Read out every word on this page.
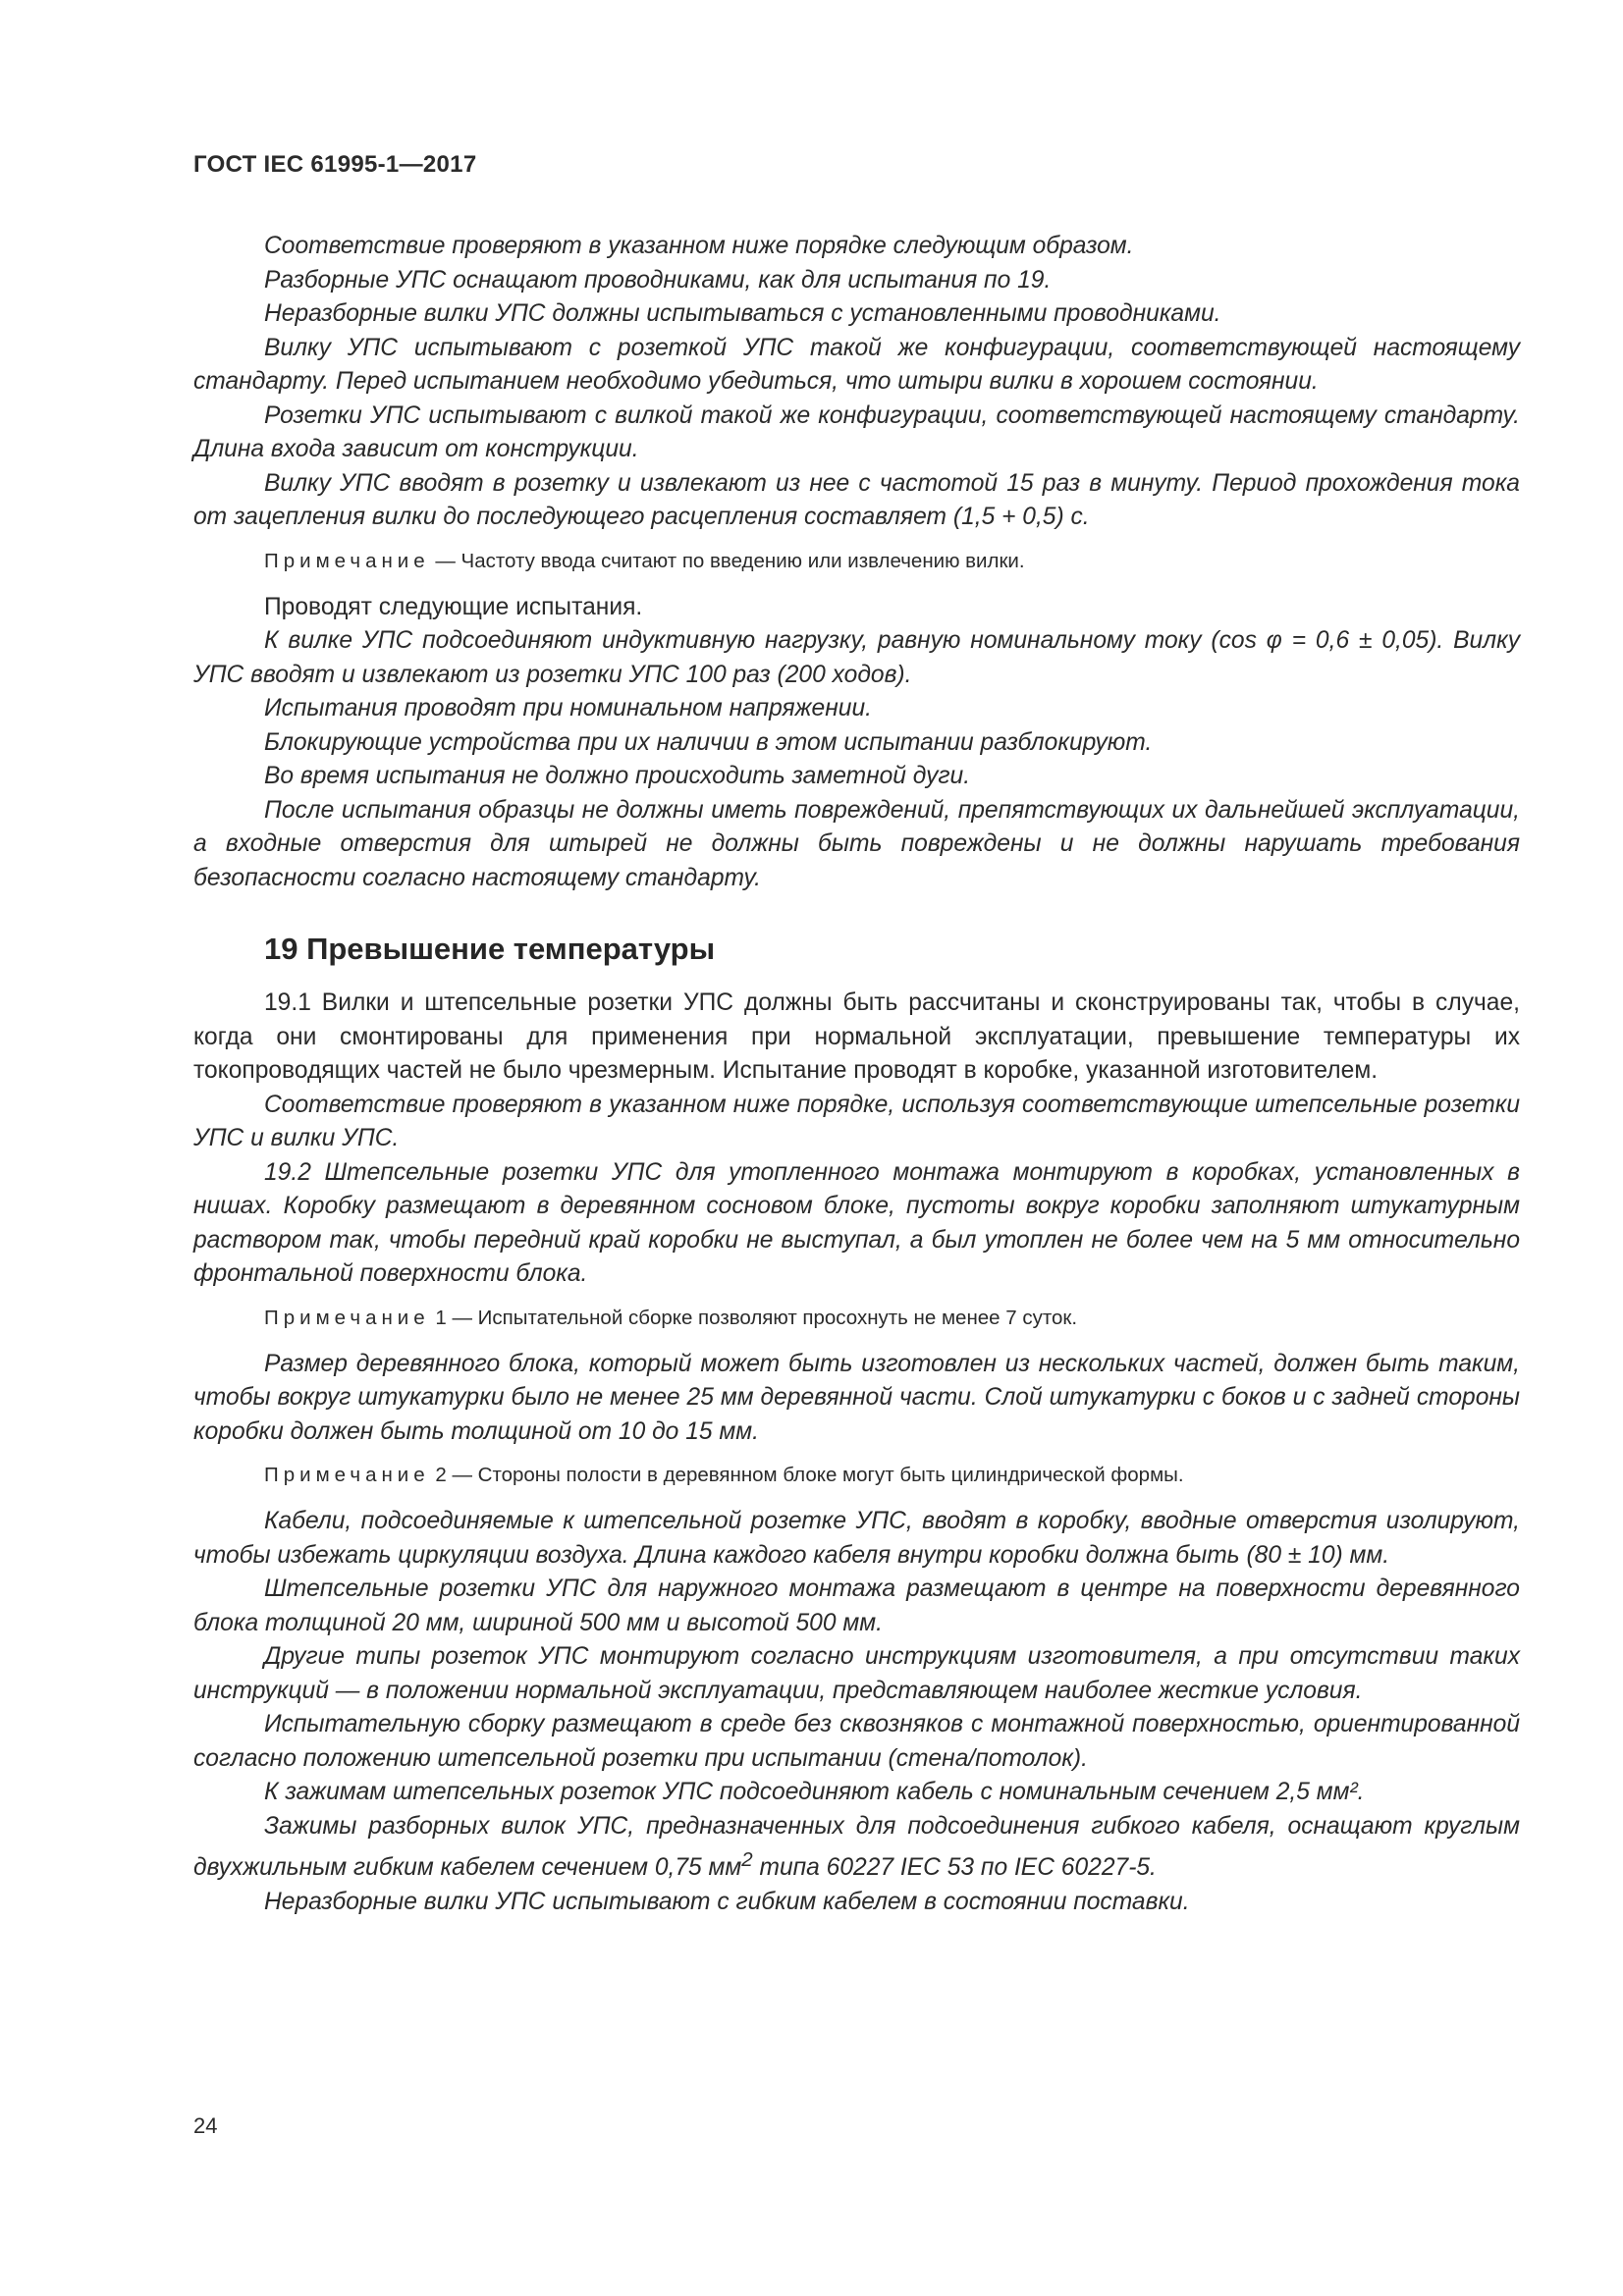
ГОСТ IEC 61995-1—2017

Соответствие проверяют в указанном ниже порядке следующим образом.

Разборные УПС оснащают проводниками, как для испытания по 19.

Неразборные вилки УПС должны испытываться с установленными проводниками.

Вилку УПС испытывают с розеткой УПС такой же конфигурации, соответствующей настоящему стандарту. Перед испытанием необходимо убедиться, что штыри вилки в хорошем состоянии.

Розетки УПС испытывают с вилкой такой же конфигурации, соответствующей настоящему стандарту. Длина входа зависит от конструкции.

Вилку УПС вводят в розетку и извлекают из нее с частотой 15 раз в минуту. Период прохождения тока от зацепления вилки до последующего расцепления составляет (1,5 + 0,5) с.

Примечание — Частоту ввода считают по введению или извлечению вилки.

Проводят следующие испытания.

К вилке УПС подсоединяют индуктивную нагрузку, равную номинальному току (cos φ = 0,6 ± 0,05). Вилку УПС вводят и извлекают из розетки УПС 100 раз (200 ходов).

Испытания проводят при номинальном напряжении.

Блокирующие устройства при их наличии в этом испытании разблокируют.

Во время испытания не должно происходить заметной дуги.

После испытания образцы не должны иметь повреждений, препятствующих их дальнейшей эксплуатации, а входные отверстия для штырей не должны быть повреждены и не должны нарушать требования безопасности согласно настоящему стандарту.

19 Превышение температуры

19.1 Вилки и штепсельные розетки УПС должны быть рассчитаны и сконструированы так, чтобы в случае, когда они смонтированы для применения при нормальной эксплуатации, превышение температуры их токопроводящих частей не было чрезмерным. Испытание проводят в коробке, указанной изготовителем.

Соответствие проверяют в указанном ниже порядке, используя соответствующие штепсельные розетки УПС и вилки УПС.

19.2 Штепсельные розетки УПС для утопленного монтажа монтируют в коробках, установленных в нишах. Коробку размещают в деревянном сосновом блоке, пустоты вокруг коробки заполняют штукатурным раствором так, чтобы передний край коробки не выступал, а был утоплен не более чем на 5 мм относительно фронтальной поверхности блока.

Примечание 1 — Испытательной сборке позволяют просохнуть не менее 7 суток.

Размер деревянного блока, который может быть изготовлен из нескольких частей, должен быть таким, чтобы вокруг штукатурки было не менее 25 мм деревянной части. Слой штукатурки с боков и с задней стороны коробки должен быть толщиной от 10 до 15 мм.

Примечание 2 — Стороны полости в деревянном блоке могут быть цилиндрической формы.

Кабели, подсоединяемые к штепсельной розетке УПС, вводят в коробку, вводные отверстия изолируют, чтобы избежать циркуляции воздуха. Длина каждого кабеля внутри коробки должна быть (80 ± 10) мм.

Штепсельные розетки УПС для наружного монтажа размещают в центре на поверхности деревянного блока толщиной 20 мм, шириной 500 мм и высотой 500 мм.

Другие типы розеток УПС монтируют согласно инструкциям изготовителя, а при отсутствии таких инструкций — в положении нормальной эксплуатации, представляющем наиболее жесткие условия.

Испытательную сборку размещают в среде без сквозняков с монтажной поверхностью, ориентированной согласно положению штепсельной розетки при испытании (стена/потолок).

К зажимам штепсельных розеток УПС подсоединяют кабель с номинальным сечением 2,5 мм².

Зажимы разборных вилок УПС, предназначенных для подсоединения гибкого кабеля, оснащают круглым двухжильным гибким кабелем сечением 0,75 $мм^2$ типа 60227 IEC 53 по IEC 60227-5.

Неразборные вилки УПС испытывают с гибким кабелем в состоянии поставки.

24
